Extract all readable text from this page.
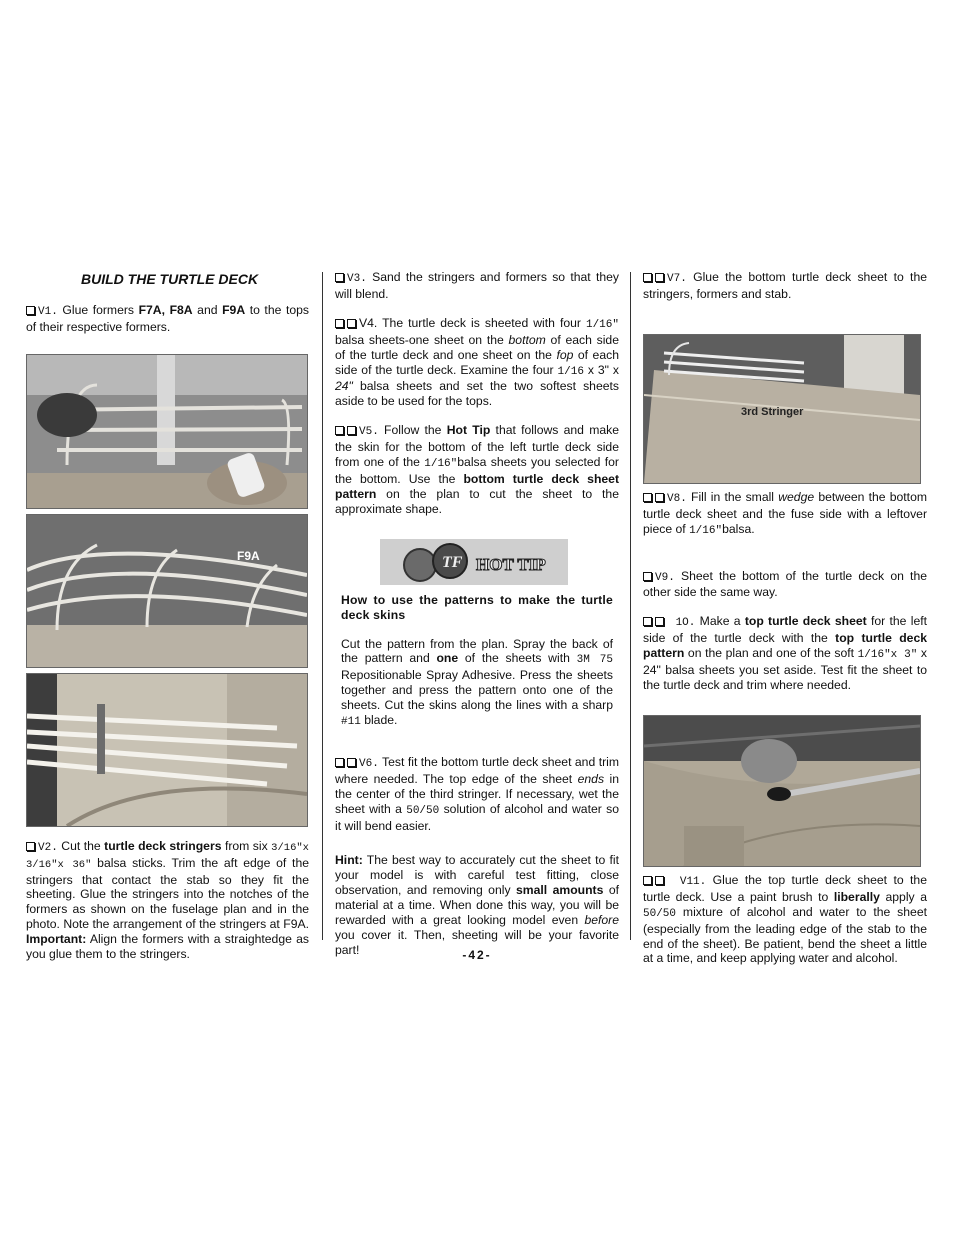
BUILD THE TURTLE DECK

V1. Glue formers F7A, F8A and F9A to the tops of their respective formers.

F9A

V2. Cut the turtle deck stringers from six 3/16"x 3/16"x 36" balsa sticks. Trim the aft edge of the stringers that contact the stab so they fit the sheeting. Glue the stringers into the notches of the formers as shown on the fuselage plan and in the photo. Note the arrangement of the stringers at F9A. Important: Align the formers with a straightedge as you glue them to the stringers.

V3. Sand the stringers and formers so that they will blend.

V4. The turtle deck is sheeted with four 1/16" balsa sheets-one sheet on the bottom of each side of the turtle deck and one sheet on the fop of each side of the turtle deck. Examine the four 1/16 x 3" x 24" balsa sheets and set the two softest sheets aside to be used for the tops.

V5. Follow the Hot Tip that follows and make the skin for the bottom of the left turtle deck side from one of the 1/16"balsa sheets you selected for the bottom. Use the bottom turtle deck sheet pattern on the plan to cut the sheet to the approximate shape.

TF HOT TIP

How to use the patterns to make the turtle deck skins

Cut the pattern from the plan. Spray the back of the pattern and one of the sheets with 3M 75 Repositionable Spray Adhesive. Press the sheets together and press the pattern onto one of the sheets. Cut the skins along the lines with a sharp #11 blade.

V6. Test fit the bottom turtle deck sheet and trim where needed. The top edge of the sheet ends in the center of the third stringer. If necessary, wet the sheet with a 50/50 solution of alcohol and water so it will bend easier.

Hint: The best way to accurately cut the sheet to fit your model is with careful test fitting, close observation, and removing only small amounts of material at a time. When done this way, you will be rewarded with a great looking model even before you cover it. Then, sheeting will be your favorite part!

V7. Glue the bottom turtle deck sheet to the stringers, formers and stab.

3rd Stringer

V8. Fill in the small wedge between the bottom turtle deck sheet and the fuse side with a leftover piece of 1/16"balsa.

V9. Sheet the bottom of the turtle deck on the other side the same way.

1O. Make a top turtle deck sheet for the left side of the turtle deck with the top turtle deck pattern on the plan and one of the soft 1/16"x 3" x 24" balsa sheets you set aside. Test fit the sheet to the turtle deck and trim where needed.

V11. Glue the top turtle deck sheet to the turtle deck. Use a paint brush to liberally apply a 50/50 mixture of alcohol and water to the sheet (especially from the leading edge of the stab to the end of the sheet). Be patient, bend the sheet a little at a time, and keep applying water and alcohol.

-42-
